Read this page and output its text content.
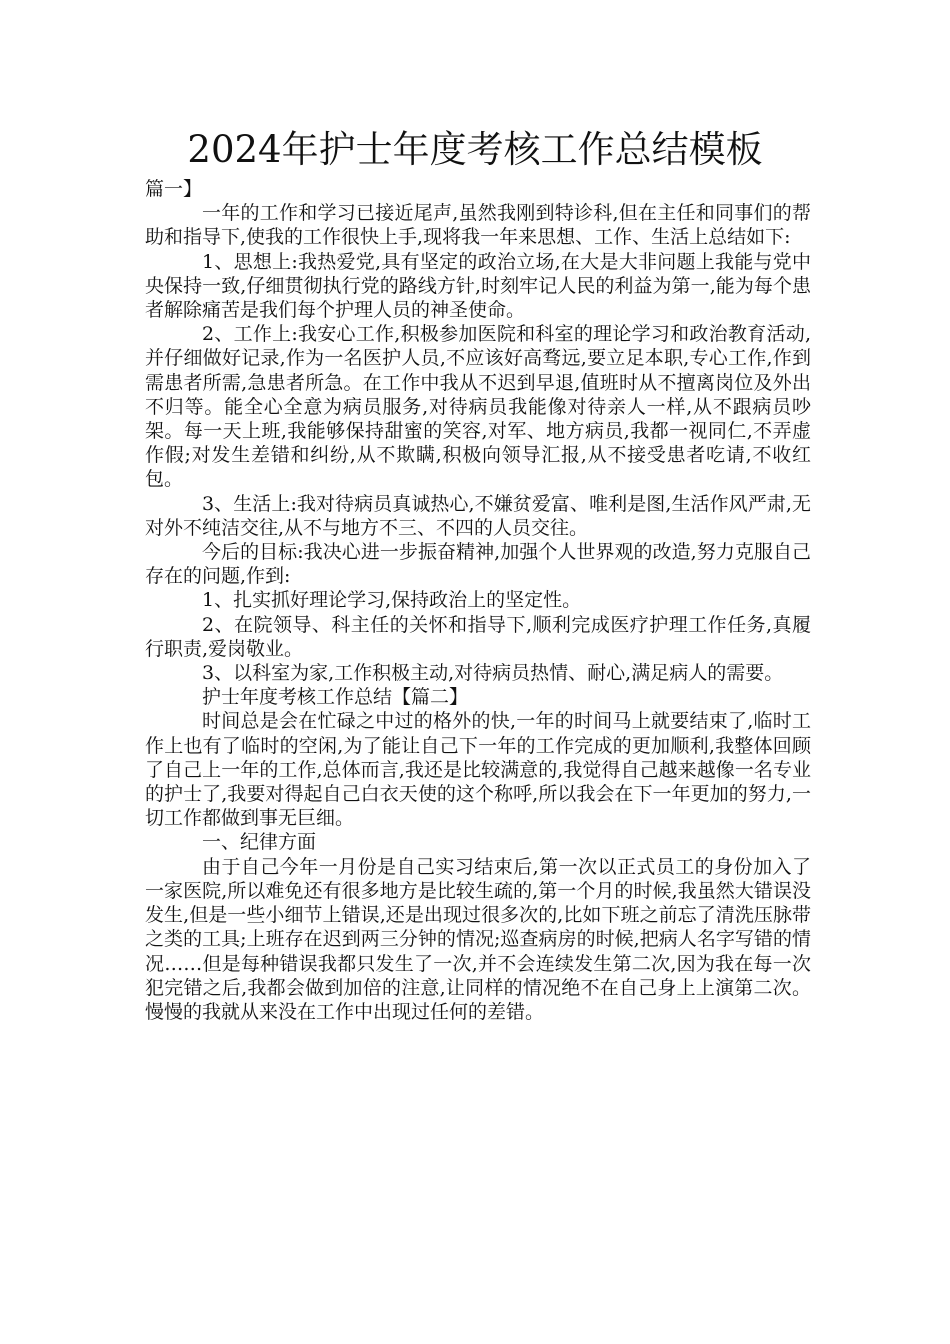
2024年护士年度考核工作总结模板

篇一】

一年的工作和学习已接近尾声,虽然我刚到特诊科,但在主任和同事们的帮助和指导下,使我的工作很快上手,现将我一年来思想、工作、生活上总结如下:

1、思想上:我热爱党,具有坚定的政治立场,在大是大非问题上我能与党中央保持一致,仔细贯彻执行党的路线方针,时刻牢记人民的利益为第一,能为每个患者解除痛苦是我们每个护理人员的神圣使命。

2、工作上:我安心工作,积极参加医院和科室的理论学习和政治教育活动,并仔细做好记录,作为一名医护人员,不应该好高骛远,要立足本职,专心工作,作到需患者所需,急患者所急。在工作中我从不迟到早退,值班时从不擅离岗位及外出不归等。能全心全意为病员服务,对待病员我能像对待亲人一样,从不跟病员吵架。每一天上班,我能够保持甜蜜的笑容,对军、地方病员,我都一视同仁,不弄虚作假;对发生差错和纠纷,从不欺瞒,积极向领导汇报,从不接受患者吃请,不收红包。

3、生活上:我对待病员真诚热心,不嫌贫爱富、唯利是图,生活作风严肃,无对外不纯洁交往,从不与地方不三、不四的人员交往。

今后的目标:我决心进一步振奋精神,加强个人世界观的改造,努力克服自己存在的问题,作到:

1、扎实抓好理论学习,保持政治上的坚定性。

2、在院领导、科主任的关怀和指导下,顺利完成医疗护理工作任务,真履行职责,爱岗敬业。

3、以科室为家,工作积极主动,对待病员热情、耐心,满足病人的需要。

护士年度考核工作总结【篇二】

时间总是会在忙碌之中过的格外的快,一年的时间马上就要结束了,临时工作上也有了临时的空闲,为了能让自己下一年的工作完成的更加顺利,我整体回顾了自己上一年的工作,总体而言,我还是比较满意的,我觉得自己越来越像一名专业的护士了,我要对得起自己白衣天使的这个称呼,所以我会在下一年更加的努力,一切工作都做到事无巨细。

一、纪律方面

由于自己今年一月份是自己实习结束后,第一次以正式员工的身份加入了一家医院,所以难免还有很多地方是比较生疏的,第一个月的时候,我虽然大错误没发生,但是一些小细节上错误,还是出现过很多次的,比如下班之前忘了清洗压脉带之类的工具;上班存在迟到两三分钟的情况;巡查病房的时候,把病人名字写错的情况……但是每种错误我都只发生了一次,并不会连续发生第二次,因为我在每一次犯完错之后,我都会做到加倍的注意,让同样的情况绝不在自己身上上演第二次。慢慢的我就从来没在工作中出现过任何的差错。
